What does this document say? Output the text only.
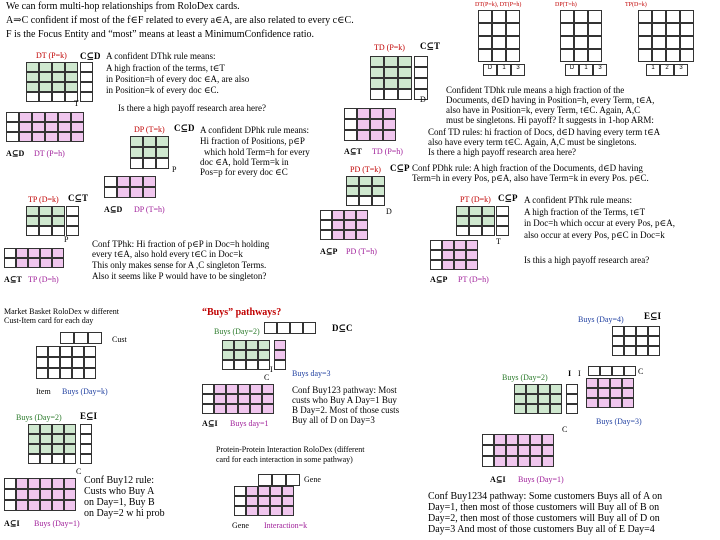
We can form multi-hop relationships from RoloDex cards.
A⇒C confident if most of the f∈F related to every a∈A, are also related to every c∈C.
F is the Focus Entity and “most” means at least a MinimumConfidence ratio.
DT(P=k), DT(P=h)	DP(T=h)	TP(D=k)
D	1	3	D	1	3	1	2	3
DT (P=k) C⊆D
T
A⊆D DT (P=h)
A confident DThk rule means:
A high fraction of the terms, t∈T
in Position=h of every doc ∈A, are also
in Position=k of every doc ∈C.
Is there a high payoff research area here?
TD (P=k) C⊆T
D
A⊆T TD (P=h)
Confident TDhk rule means a high fraction of the
Documents, d∈D having in Position=h, every Term, t∈A,
also have in Position=k, every Term, t∈C. Again, A,C
must be singletons. Hi payoff? It suggests in 1-hop ARM:
Conf TD rules: hi fraction of Docs, d∈D having every term t∈A
also have every term t∈C. Again, A,C must be singletons.
Is there a high payoff research area here?
DP (T=k) C⊆D
P
A⊆D DP (T=h)
A confident DPhk rule means:
Hi fraction of Positions, p∈P
which hold Term=h for every
doc ∈A, hold Term=k in
Pos=p for every doc ∈C
TP (D=k) C⊆T
P
A⊆T TP (D=h)
Conf TPhk: Hi fraction of p∈P in Doc=h holding
every t∈A, also hold every t∈C in Doc=k
This only makes sense for A ,C singleton Terms.
Also it seems like P would have to be singleton?
PD (T=k) C⊆P
D
A⊆P PD (T=h)
Conf PDhk rule: A high fraction of the Documents, d∈D having
Term=h in every Pos, p∈A, also have Term=k in every Pos. p∈C.
PT (D=k) C⊆P
T
A⊆P PT (D=h)
A confident PThk rule means:
A high fraction of the Terms, t∈T
in Doc=h which occur at every Pos, p∈A,
also occur at every Pos, p∈C in Doc=k
Is this a high payoff research area?
Market Basket RoloDex w different
Cust-Item card for each day
Cust
Item Buys (Day=k)
Buys (Day=2) E⊆I
C
A⊆I Buys (Day=1)
Conf Buy12 rule:
Custs who Buy A
on Day=1, Buy B
on Day=2 w hi prob
“Buys” pathways?
Buys (Day=2)	D⊆C
I
C	Buys day=3
A⊆I Buys day=1
Conf Buy123 pathway: Most
custs who Buy A Day=1 Buy
B Day=2. Most of those custs
Buy all of D on Day=3
Protein-Protein Interaction RoloDex (different
card for each interaction in some pathway)
Gene
Gene Interaction=k
Buys (Day=4) E⊆I
Buys (Day=2)	I I	C
Buys (Day=3)
C
A⊆I Buys (Day=1)
Conf Buy1234 pathway: Some customers Buys all of A on
Day=1, then most of those customers will Buy all of B on
Day=2, then most of those customers will Buy all of D on
Day=3 And most of those customers Buy all of E Day=4
